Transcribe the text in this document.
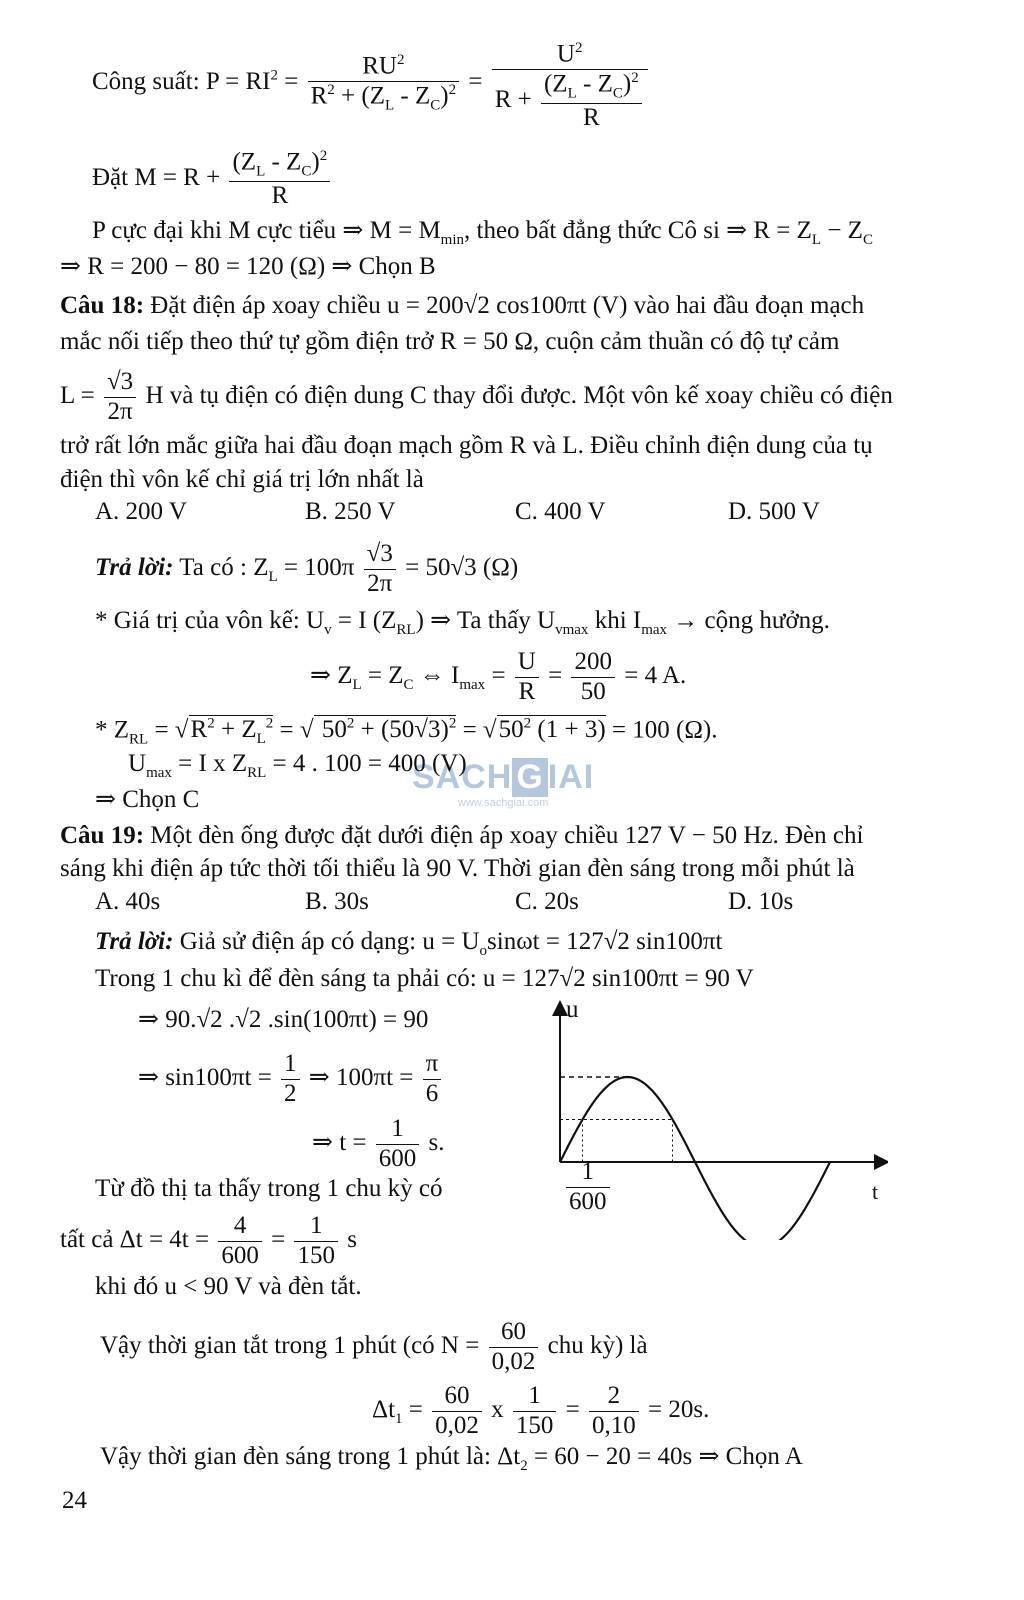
SACH G IAI
www.sachgiai.com
Công suất: $P = RI^2 = \frac{RU^2}{R^2 + (Z_L - Z_C)^2} = \frac{U^2}{R + \frac{(Z_L - Z_C)^2}{R}}$
Đặt $M = R + \frac{(Z_L - Z_C)^2}{R}$
P cực đại khi M cực tiểu ⇒ $M = M_{min}$, theo bất đẳng thức Cô si ⇒ $R = Z_L - Z_C$
⇒ R = 200 − 80 = 120 (Ω) ⇒ Chọn B
Câu 18: Đặt điện áp xoay chiều u = 200√2 cos100πt (V) vào hai đầu đoạn mạch
mắc nối tiếp theo thứ tự gồm điện trở R = 50 Ω, cuộn cảm thuần có độ tự cảm
$L = \frac{√3}{2\pi}$ H và tụ điện có điện dung C thay đổi được. Một vôn kế xoay chiều có điện
trở rất lớn mắc giữa hai đầu đoạn mạch gồm R và L. Điều chỉnh điện dung của tụ
điện thì vôn kế chỉ giá trị lớn nhất là
A. 200 V	B. 250 V	C. 400 V	D. 500 V
Trả lời: Ta có : $Z_L = 100\pi \frac{√3}{2\pi} = 50√3$ (Ω)
* Giá trị của vôn kế: $U_v = I$ $(Z_{RL})$ ⇒ Ta thấy $U_{vmax}$ khi $I_{max}$ → cộng hưởng.
⇒ $Z_L = Z_C$ ⇔ $I_{max} = \frac{U}{R} = \frac{200}{50} = 4$ A.
* $Z_{RL} = √R^2 + Z_L^2$ = √ $50^2 + (50√3)^2 = √50^2$ (1 + 3) = 100 (Ω).
$U_{max} = I$ x $Z_{RL} = 4$ . 100 = 400 (V)
⇒ Chọn C
Câu 19: Một đèn ống được đặt dưới điện áp xoay chiều 127 V − 50 Hz. Đèn chỉ
sáng khi điện áp tức thời tối thiểu là 90 V. Thời gian đèn sáng trong mỗi phút là
A. 40s	B. 30s	C. 20s	D. 10s
Trả lời: Giả sử điện áp có dạng: $u = U_o\sin\omega t = 127√2$ sin100πt
Trong 1 chu kì để đèn sáng ta phải có: u = 127√2 sin100πt = 90 V
⇒ 90.√2 .√2 .sin(100πt) = 90
⇒ $\sin 100\pi t = \frac{1}{2}$ ⇒ $100\pi t = \frac{\pi}{6}$
⇒ $t = \frac{1}{600} s$.
Từ đồ thị ta thấy trong 1 chu kỳ có
tất cả $\Delta t = 4t = \frac{4}{600} = \frac{1}{150}$ s
khi đó u < 90 V và đèn tắt.
Vậy thời gian tắt trong 1 phút (có $N = \frac{60}{0,02}$ chu kỳ) là
$\Delta t_1 = \frac{60}{0,02}$ x $\frac{1}{150} = \frac{2}{0,10} = 20s$.
Vậy thời gian đèn sáng trong 1 phút là: $\Delta t_2 = 60 - 20 = 40s$ ⇒ Chọn A
u
t
$\frac{1}{600}$
24
